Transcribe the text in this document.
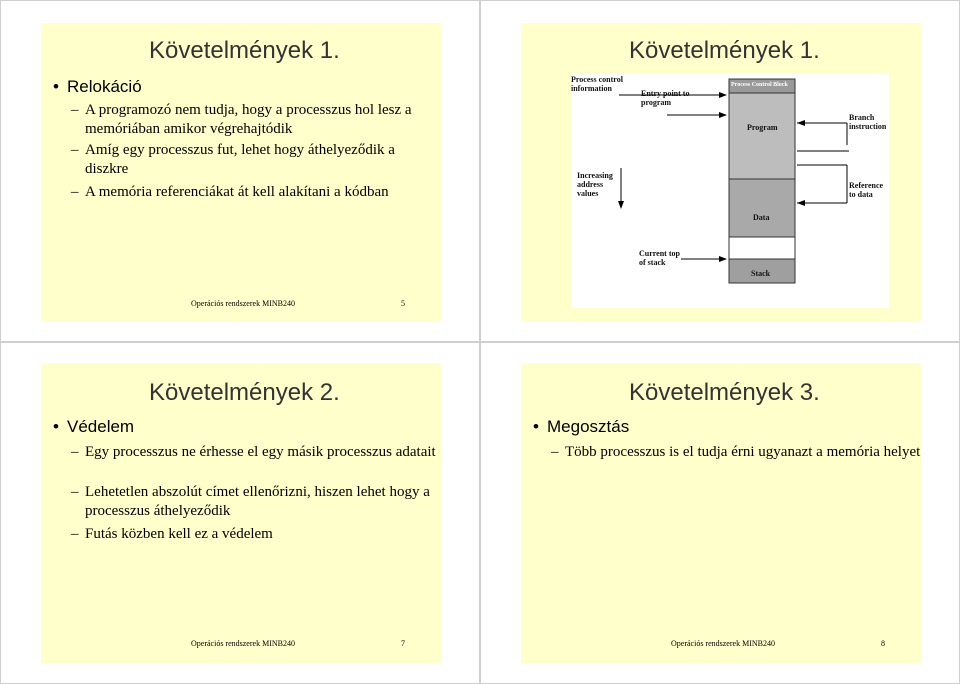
Követelmények 1.
• Relokáció
– A programozó nem tudja, hogy a processzus hol lesz a memóriában amikor végrehajtódik
– Amíg egy processzus fut, lehet hogy áthelyeződik a diszkre
– A memória referenciákat át kell alakítani a kódban
Operációs rendszerek MINB240	5
Követelmények 1.
Process control information
Entry point to program
Process Control Block
Program
Branch instruction
Increasing address values
Reference to data
Data
Current top of stack
Stack
Követelmények 2.
• Védelem
– Egy processzus ne érhesse el egy másik processzus adatait
– Lehetetlen abszolút címet ellenőrizni, hiszen lehet hogy a processzus áthelyeződik
– Futás közben kell ez a védelem
Operációs rendszerek MINB240	7
Követelmények 3.
• Megosztás
– Több processzus is el tudja érni ugyanazt a memória helyet
Operációs rendszerek MINB240	8
